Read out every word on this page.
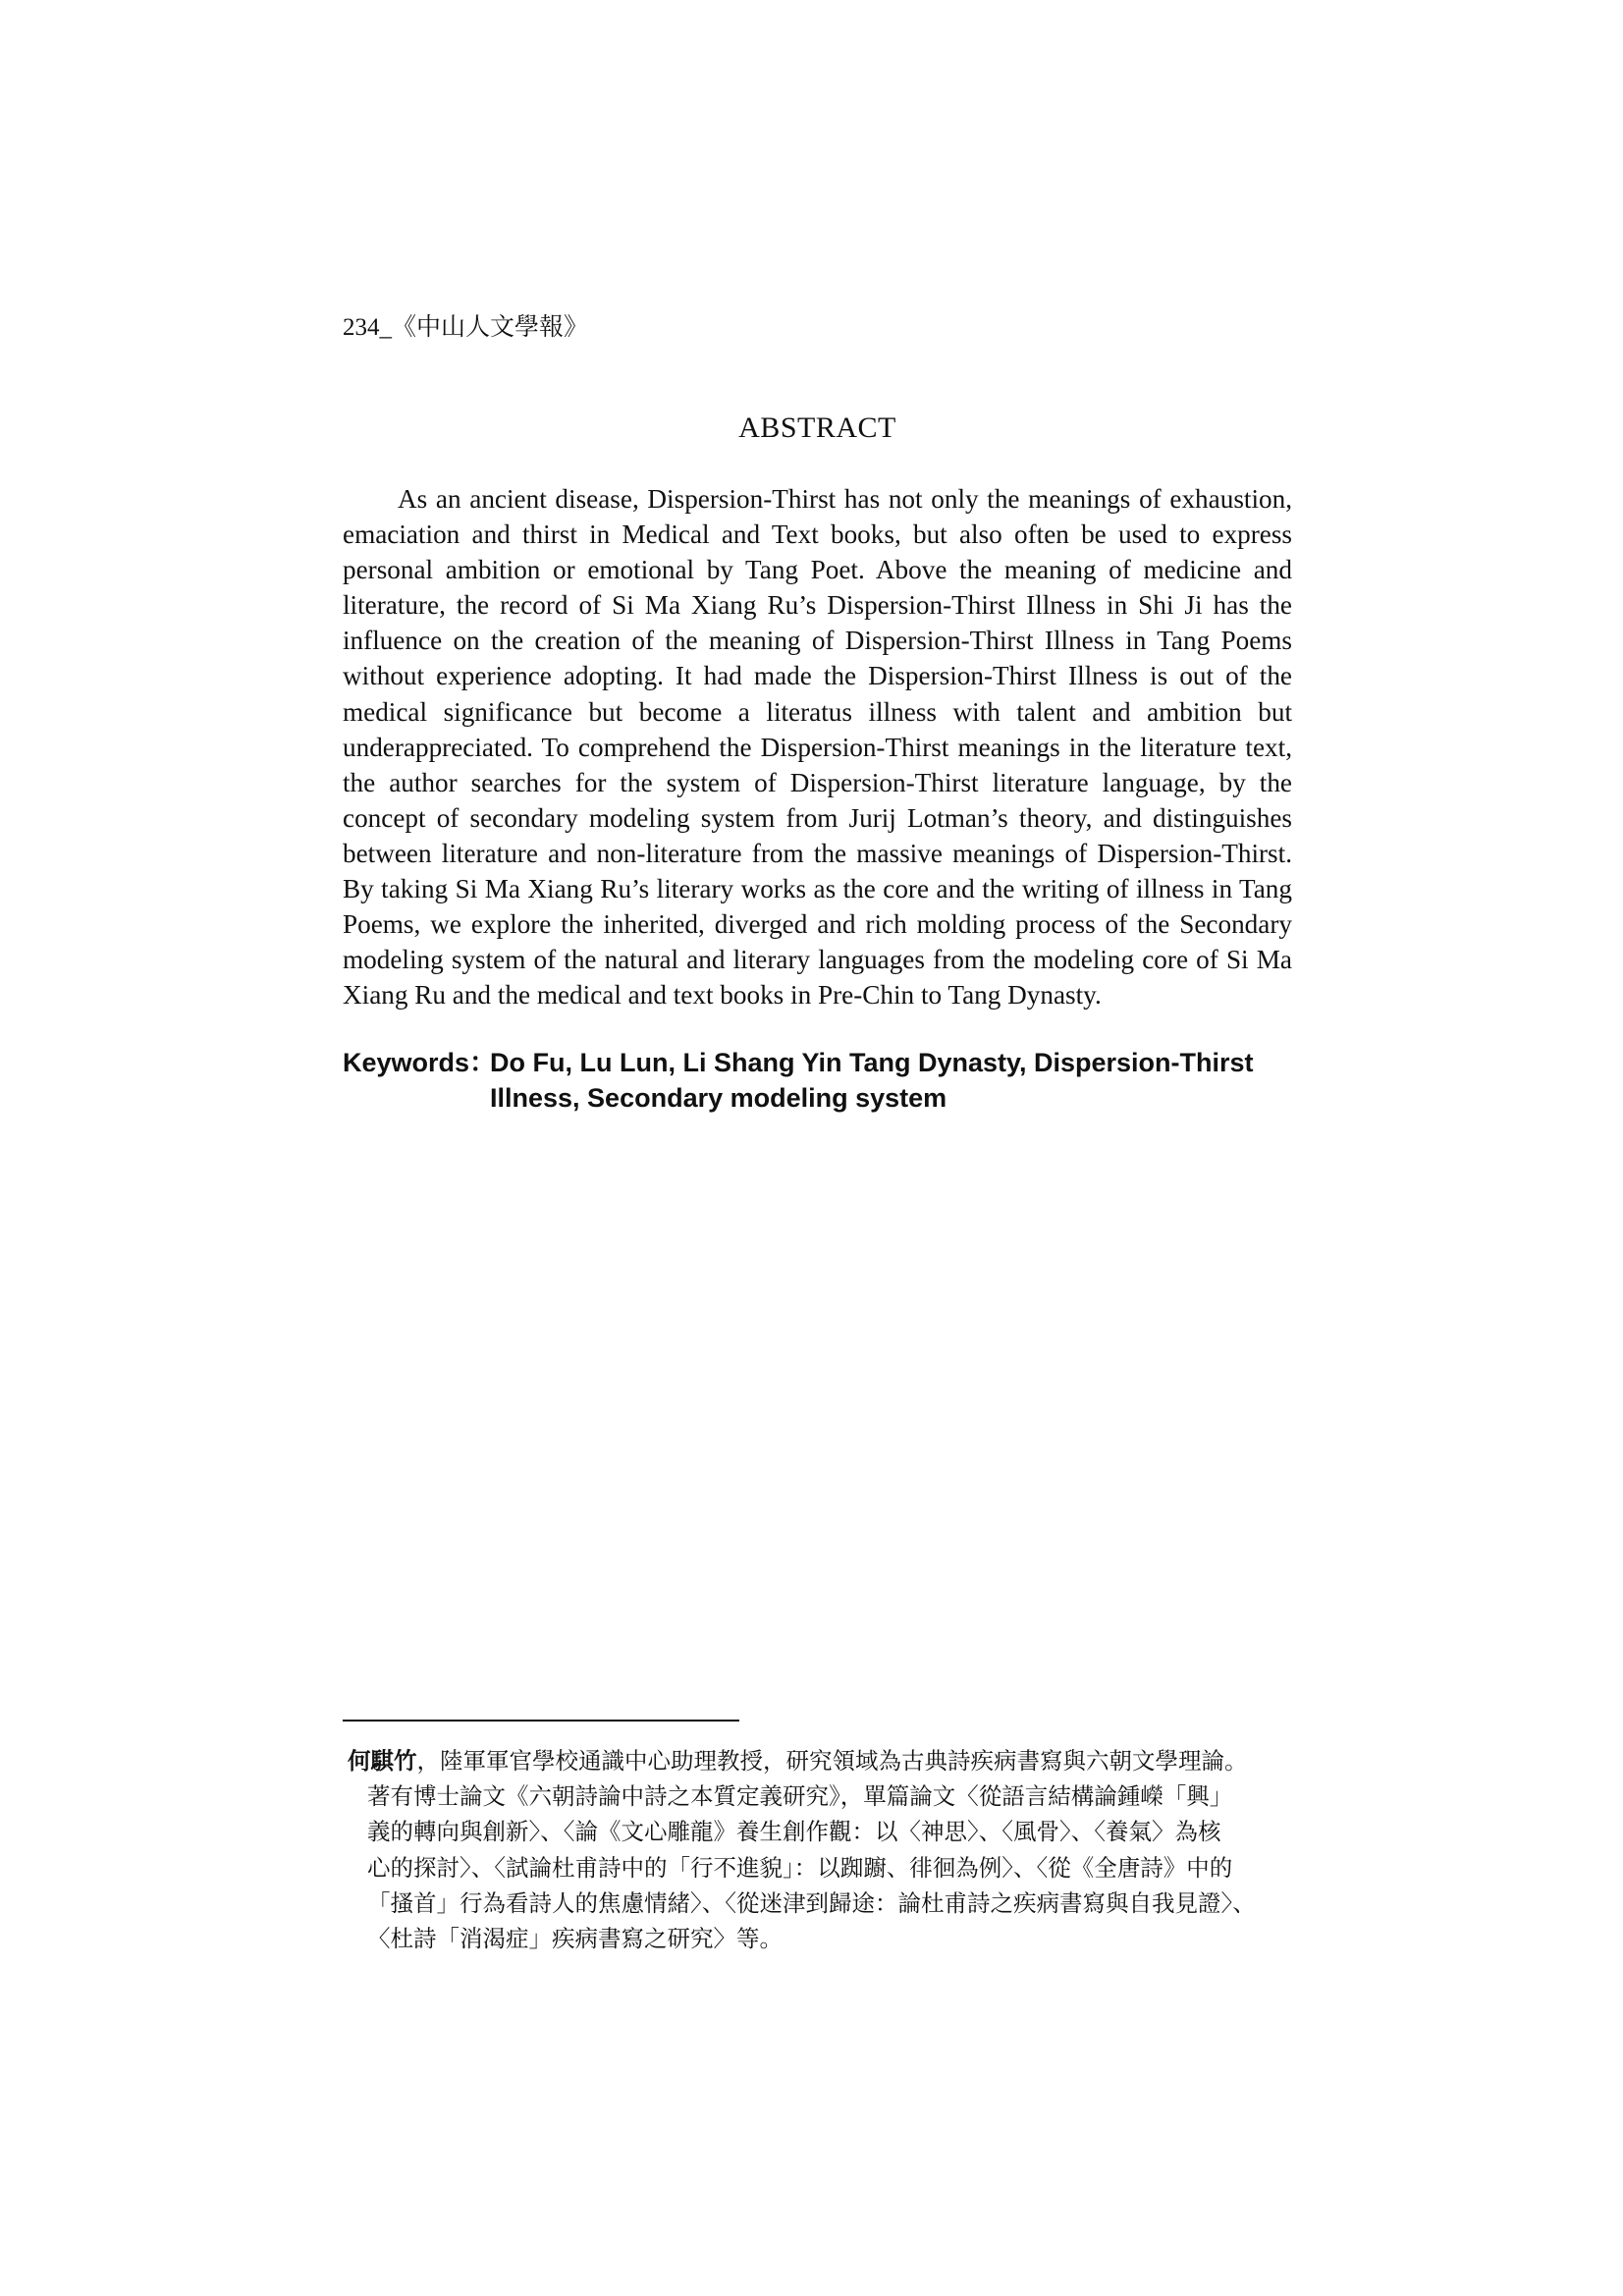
234_《中山人文學報》
ABSTRACT

As an ancient disease, Dispersion-Thirst has not only the meanings of exhaustion, emaciation and thirst in Medical and Text books, but also often be used to express personal ambition or emotional by Tang Poet. Above the meaning of medicine and literature, the record of Si Ma Xiang Ru’s Dispersion-Thirst Illness in Shi Ji has the influence on the creation of the meaning of Dispersion-Thirst Illness in Tang Poems without experience adopting. It had made the Dispersion-Thirst Illness is out of the medical significance but become a literatus illness with talent and ambition but underappreciated. To comprehend the Dispersion-Thirst meanings in the literature text, the author searches for the system of Dispersion-Thirst literature language, by the concept of secondary modeling system from Jurij Lotman’s theory, and distinguishes between literature and non-literature from the massive meanings of Dispersion-Thirst. By taking Si Ma Xiang Ru’s literary works as the core and the writing of illness in Tang Poems, we explore the inherited, diverged and rich molding process of the Secondary modeling system of the natural and literary languages from the modeling core of Si Ma Xiang Ru and the medical and text books in Pre-Chin to Tang Dynasty.

Keywords：
Do Fu, Lu Lun, Li Shang Yin Tang Dynasty, Dispersion-Thirst Illness, Secondary modeling system
何騏竹，陸軍軍官學校通識中心助理教授，研究領域為古典詩疾病書寫與六朝文學理論。
著有博士論文《六朝詩論中詩之本質定義研究》，單篇論文〈從語言結構論鍾嶸「興」
義的轉向與創新〉、〈論《文心雕龍》養生創作觀：以〈神思〉、〈風骨〉、〈養氣〉為核
心的探討〉、〈試論杜甫詩中的「行不進貌」：以踟躕、徘徊為例〉、〈從《全唐詩》中的
「搔首」行為看詩人的焦慮情緒〉、〈從迷津到歸途：論杜甫詩之疾病書寫與自我見證〉、
〈杜詩「消渴症」疾病書寫之研究〉等。
